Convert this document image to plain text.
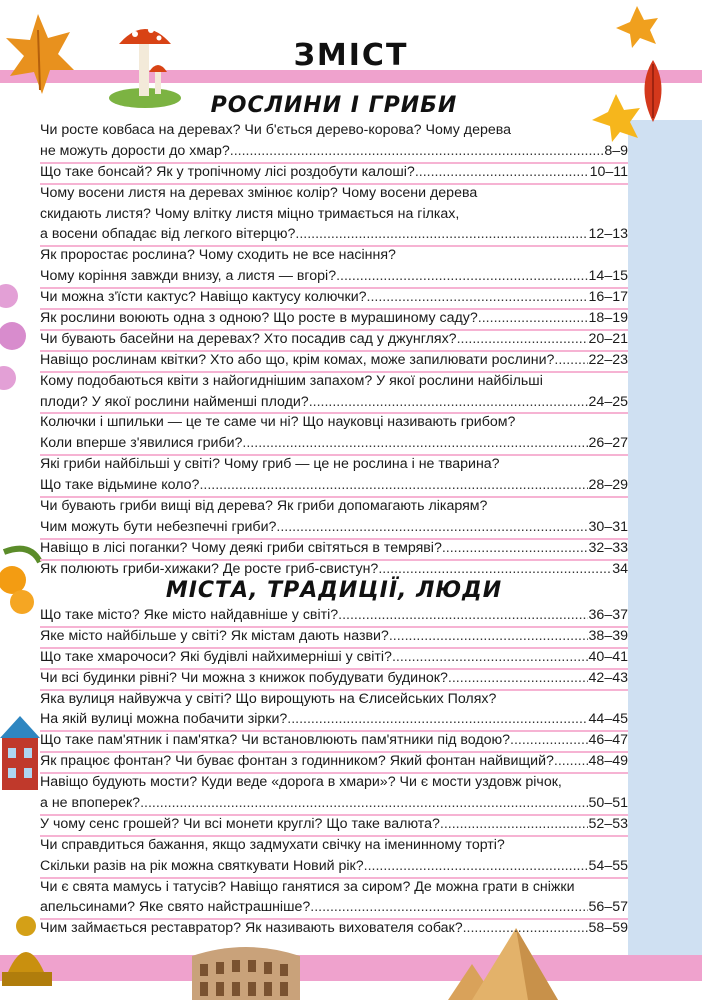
ЗМІСТ
РОСЛИНИ І ГРИБИ
Чи росте ковбаса на деревах? Чи б'ється дерево-корова? Чому дерева
не можуть дорости до хмар? .....	8–9
Що таке бонсай? Як у тропічному лісі роздобути калоші? .....	10–11
Чому восени листя на деревах змінює колір? Чому восени дерева
скидають листя? Чому влітку листя міцно тримається на гілках,
а восени обпадає від легкого вітерцю? .....	12–13
Як проростає рослина? Чому сходить не все насіння?
Чому коріння завжди внизу, а листя — вгорі? .....	14–15
Чи можна з'їсти кактус? Навіщо кактусу колючки? .....	16–17
Як рослини воюють одна з одною? Що росте в мурашиному саду? .....	18–19
Чи бувають басейни на деревах? Хто посадив сад у джунглях? .....	20–21
Навіщо рослинам квітки? Хто або що, крім комах, може запилювати рослини? ..... 22–23
Кому подобаються квіти з найогиднішим запахом? У якої рослини найбільші
плоди? У якої рослини найменші плоди? .....	24–25
Колючки і шпильки — це те саме чи ні? Що науковці називають грибом?
Коли вперше з'явилися гриби? .....	26–27
Які гриби найбільші у світі? Чому гриб — це не рослина і не тварина?
Що таке відьмине коло? .....	28–29
Чи бувають гриби вищі від дерева? Як гриби допомагають лікарям?
Чим можуть бути небезпечні гриби? .....	30–31
Навіщо в лісі поганки? Чому деякі гриби світяться в темряві? .....	32–33
Як полюють гриби-хижаки? Де росте гриб-свистун? .....	34
МІСТА, ТРАДИЦІЇ, ЛЮДИ
Що таке місто? Яке місто найдавніше у світі? .....	36–37
Яке місто найбільше у світі? Як містам дають назви? .....	38–39
Що таке хмарочоси? Які будівлі найхимерніші у світі? .....	40–41
Чи всі будинки рівні? Чи можна з книжок побудувати будинок? .....	42–43
Яка вулиця найвужча у світі? Що вирощують на Єлисейських Полях?
На якій вулиці можна побачити зірки? .....	44–45
Що таке пам'ятник і пам'ятка? Чи встановлюють пам'ятники під водою? .....	46–47
Як працює фонтан? Чи буває фонтан з годинником? Який фонтан найвищий? ..... 48–49
Навіщо будують мости? Куди веде «дорога в хмари»? Чи є мости уздовж річок,
а не впоперек? .....	50–51
У чому сенс грошей? Чи всі монети круглі? Що таке валюта? .....	52–53
Чи справдиться бажання, якщо задмухати свічку на іменинному торті?
Скільки разів на рік можна святкувати Новий рік? .....	54–55
Чи є свята мамусь і татусів? Навіщо ганятися за сиром? Де можна грати в сніжки
апельсинами? Яке свято найстрашніше? .....	56–57
Чим займається реставратор? Як називають вихователя собак? .....	58–59
